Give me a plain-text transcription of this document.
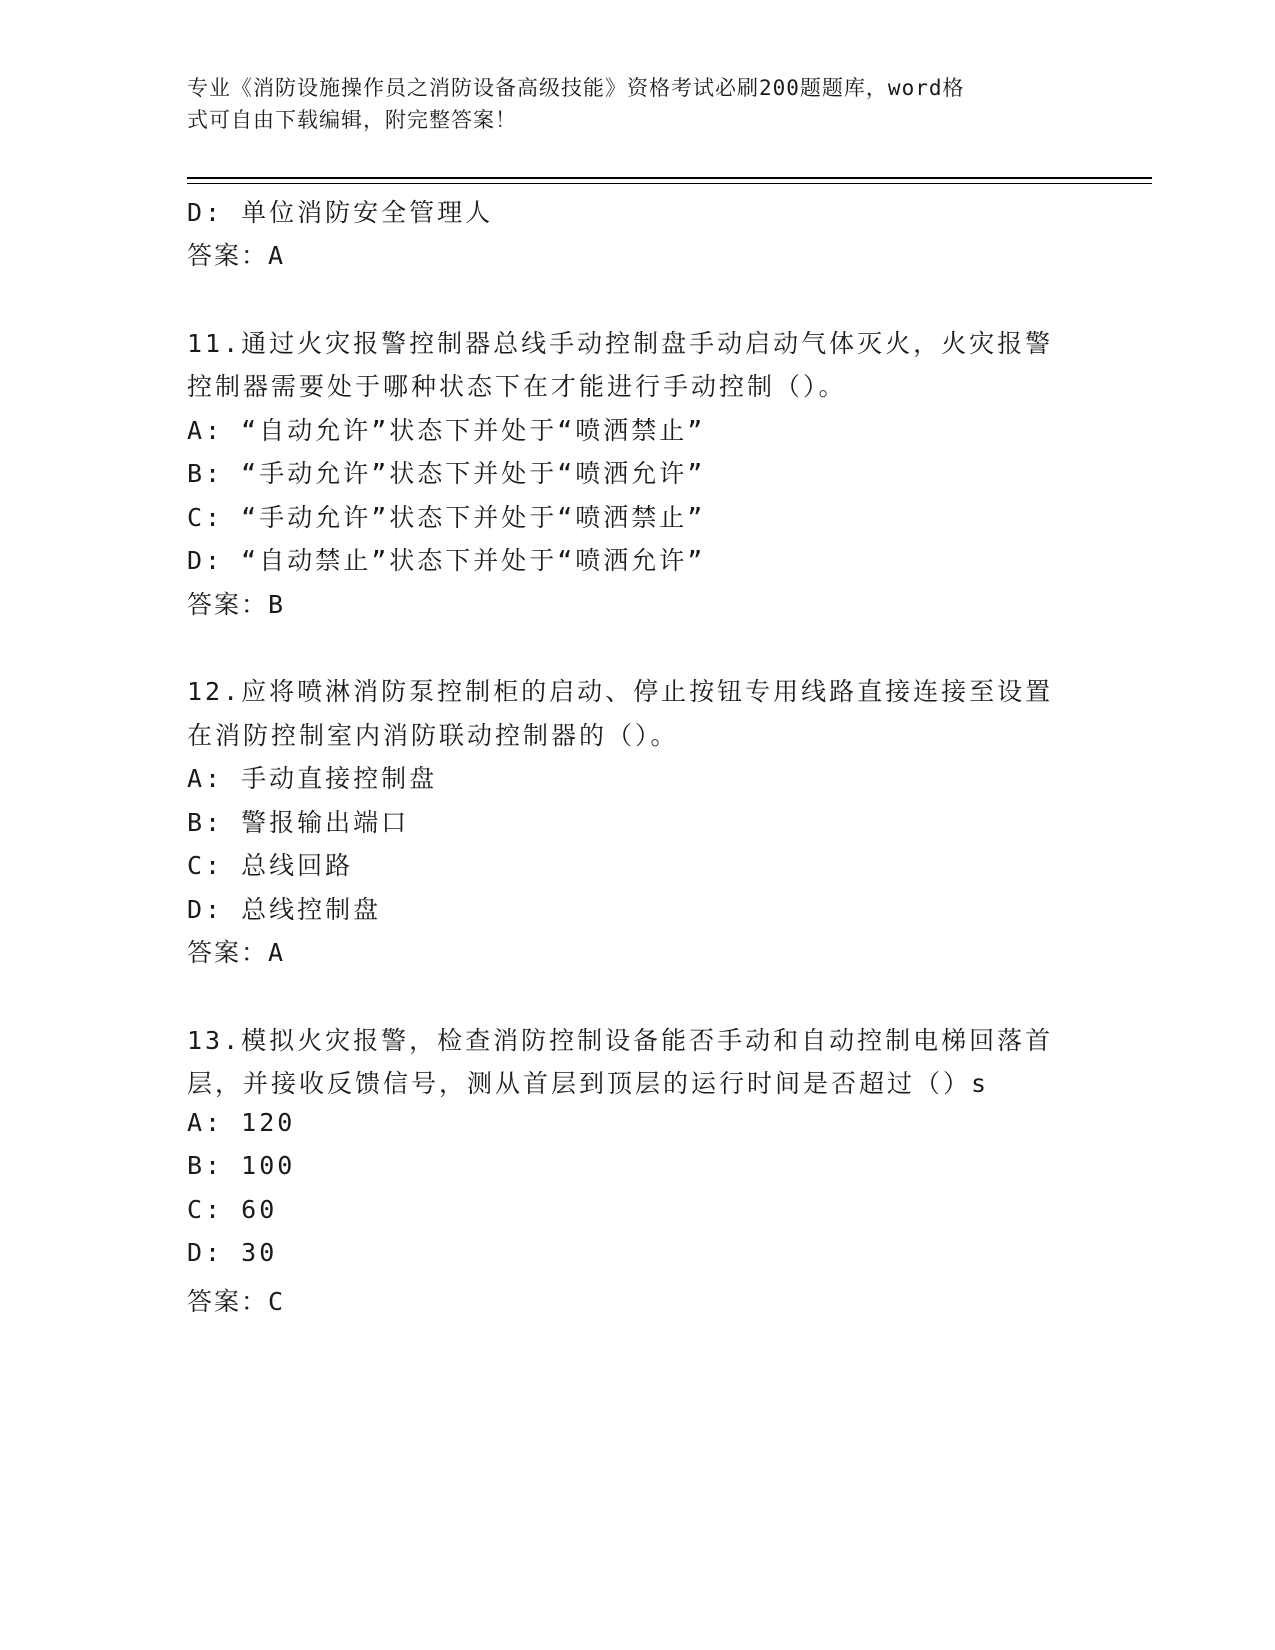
专业《消防设施操作员之消防设备高级技能》资格考试必刷200题题库，word格
式可自由下载编辑，附完整答案！
D: 单位消防安全管理人
答案：A
11.通过火灾报警控制器总线手动控制盘手动启动气体灭火，火灾报警
控制器需要处于哪种状态下在才能进行手动控制（）。
A: “自动允许”状态下并处于“喷洒禁止”
B: “手动允许”状态下并处于“喷洒允许”
C: “手动允许”状态下并处于“喷洒禁止”
D: “自动禁止”状态下并处于“喷洒允许”
答案：B
12.应将喷淋消防泵控制柜的启动、停止按钮专用线路直接连接至设置
在消防控制室内消防联动控制器的（）。
A: 手动直接控制盘
B: 警报输出端口
C: 总线回路
D: 总线控制盘
答案：A
13.模拟火灾报警，检查消防控制设备能否手动和自动控制电梯回落首
层，并接收反馈信号，测从首层到顶层的运行时间是否超过（）s
A: 120
B: 100
C: 60
D: 30
答案：C
